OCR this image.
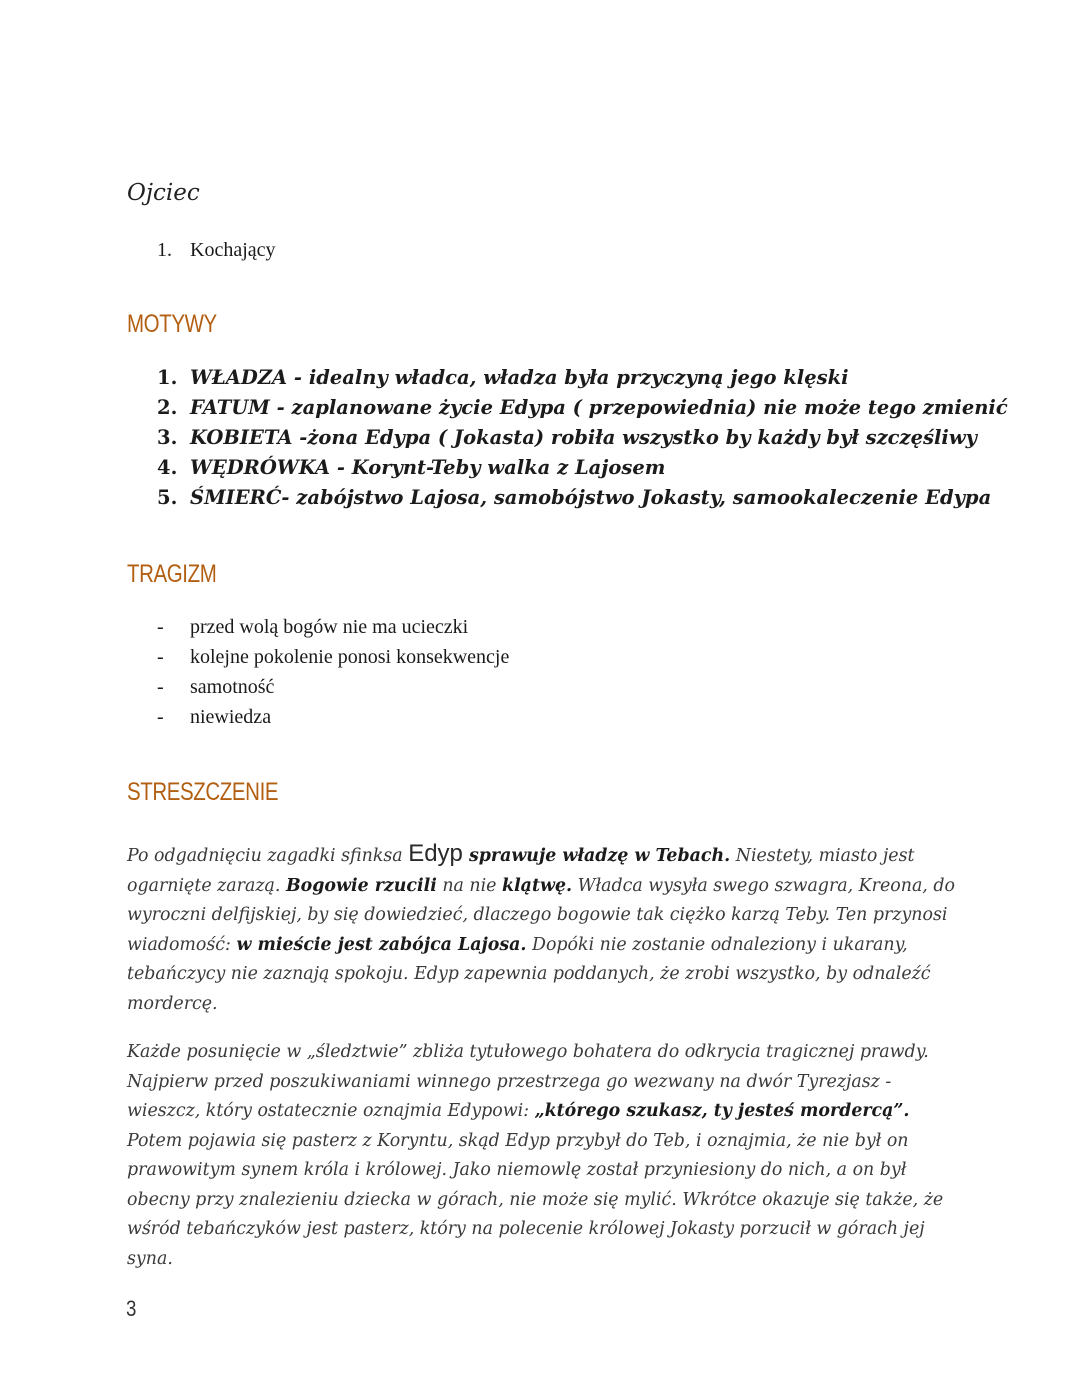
Ojciec
1. Kochający
MOTYWY
1. WŁADZA - idealny władca, władza była przyczyną jego klęski
2. FATUM - zaplanowane życie Edypa ( przepowiednia) nie może tego zmienić
3. KOBIETA -żona Edypa ( Jokasta) robiła wszystko by każdy był szczęśliwy
4. WĘDRÓWKA - Korynt-Teby walka z Lajosem
5. ŚMIERĆ- zabójstwo Lajosa, samobójstwo Jokasty, samookaleczenie Edypa
TRAGIZM
- przed wolą bogów nie ma ucieczki
- kolejne pokolenie ponosi konsekwencje
- samotność
- niewiedza
STRESZCZENIE

Po odgadnięciu zagadki sfinksa Edyp sprawuje władzę w Tebach. Niestety, miasto jest ogarnięte zarazą. Bogowie rzucili na nie klątwę. Władca wysyła swego szwagra, Kreona, do wyroczni delfijskiej, by się dowiedzieć, dlaczego bogowie tak ciężko karzą Teby. Ten przynosi wiadomość: w mieście jest zabójca Lajosa. Dopóki nie zostanie odnaleziony i ukarany, tebańczycy nie zaznają spokoju. Edyp zapewnia poddanych, że zrobi wszystko, by odnaleźć mordercę.

Każde posunięcie w „śledztwie” zbliża tytułowego bohatera do odkrycia tragicznej prawdy. Najpierw przed poszukiwaniami winnego przestrzega go wezwany na dwór Tyrezjasz - wieszcz, który ostatecznie oznajmia Edypowi: „którego szukasz, ty jesteś mordercą”. Potem pojawia się pasterz z Koryntu, skąd Edyp przybył do Teb, i oznajmia, że nie był on prawowitym synem króla i królowej. Jako niemowlę został przyniesiony do nich, a on był obecny przy znalezieniu dziecka w górach, nie może się mylić. Wkrótce okazuje się także, że wśród tebańczyków jest pasterz, który na polecenie królowej Jokasty porzucił w górach jej syna.

3
